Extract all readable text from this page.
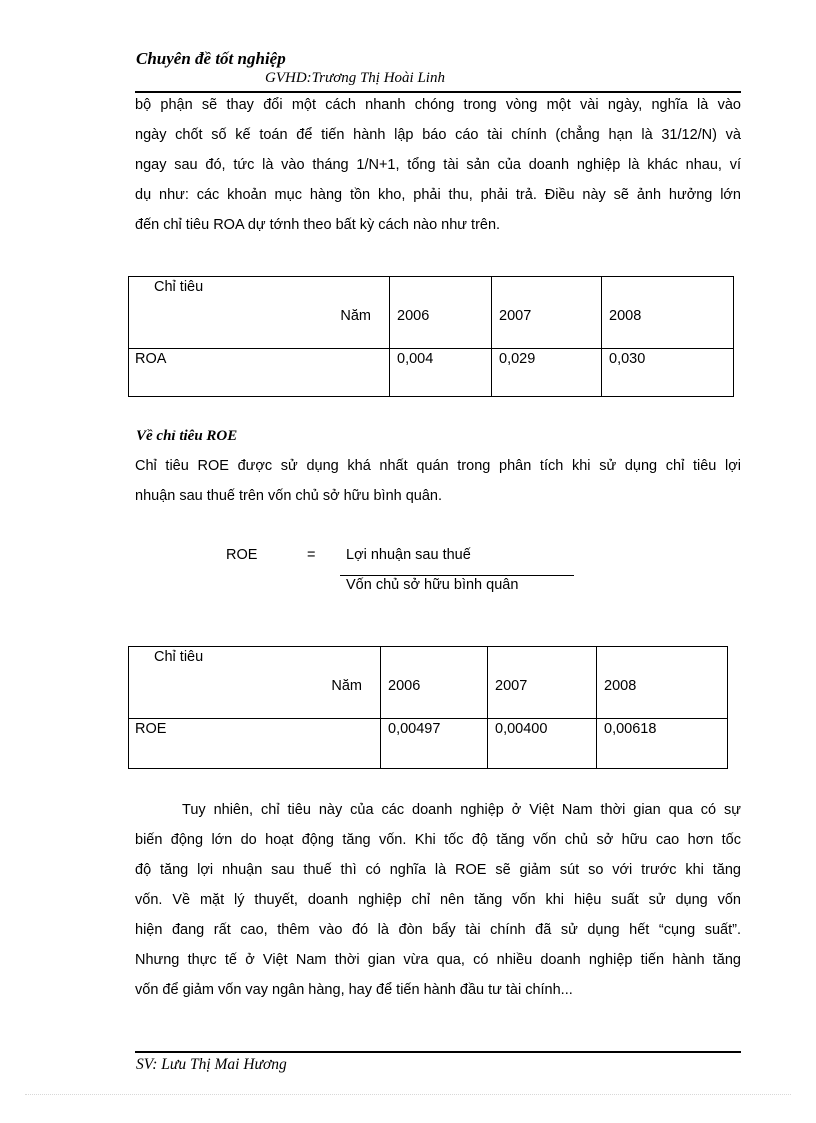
Chuyên đề tốt nghiệp
GVHD:Trương Thị Hoài Linh
bộ phận sẽ thay đổi một cách nhanh chóng trong vòng một vài ngày, nghĩa là vào
ngày chốt số kế toán để tiến hành lập báo cáo tài chính (chẳng hạn là 31/12/N) và
ngay sau đó, tức là vào tháng 1/N+1, tổng tài sản của doanh nghiệp là khác nhau, ví
dụ như: các khoản mục hàng tồn kho, phải thu, phải trả. Điều này sẽ ảnh hưởng lớn
đến chỉ tiêu ROA dự tớnh theo bất kỳ cách nào như trên.
Chỉ tiêu
Năm	2006	2007	2008
ROA	0,004	0,029	0,030
Về chỉ tiêu ROE
Chỉ tiêu ROE được sử dụng khá nhất quán trong phân tích khi sử dụng chỉ tiêu lợi
nhuận sau thuế trên vốn chủ sở hữu bình quân.
ROE	= Lợi nhuận sau thuế
Vốn chủ sở hữu bình quân
Chỉ tiêu
Năm	2006	2007	2008
ROE	0,00497	0,00400	0,00618
Tuy nhiên, chỉ tiêu này của các doanh nghiệp ở Việt Nam thời gian qua có sự
biến động lớn do hoạt động tăng vốn. Khi tốc độ tăng vốn chủ sở hữu cao hơn tốc
độ tăng lợi nhuận sau thuế thì có nghĩa là ROE sẽ giảm sút so với trước khi tăng
vốn. Về mặt lý thuyết, doanh nghiệp chỉ nên tăng vốn khi hiệu suất sử dụng vốn
hiện đang rất cao, thêm vào đó là đòn bẩy tài chính đã sử dụng hết “cụng suất”.
Nhưng thực tế ở Việt Nam thời gian vừa qua, có nhiều doanh nghiệp tiến hành tăng
vốn để giảm vốn vay ngân hàng, hay để tiến hành đầu tư tài chính...
SV: Lưu Thị Mai Hương
